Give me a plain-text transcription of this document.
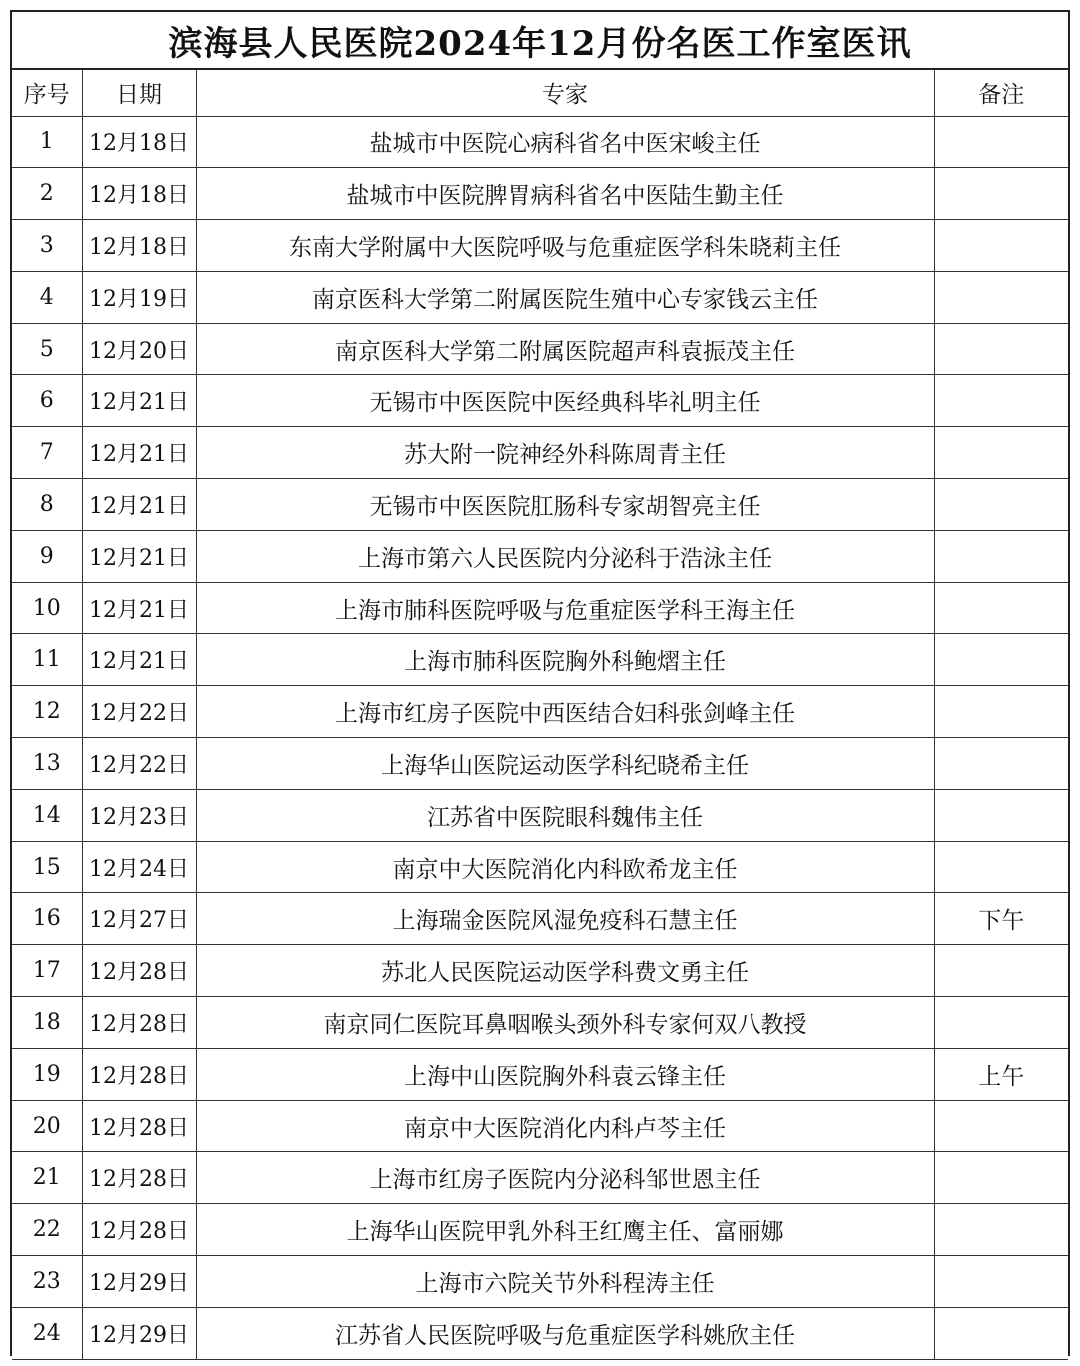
滨海县人民医院2024年12月份名医工作室医讯
序号	日期	专家	备注
1	12月18日	盐城市中医院心病科省名中医宋峻主任	
2	12月18日	盐城市中医院脾胃病科省名中医陆生勤主任	
3	12月18日	东南大学附属中大医院呼吸与危重症医学科朱晓莉主任	
4	12月19日	南京医科大学第二附属医院生殖中心专家钱云主任	
5	12月20日	南京医科大学第二附属医院超声科袁振茂主任	
6	12月21日	无锡市中医医院中医经典科毕礼明主任	
7	12月21日	苏大附一院神经外科陈周青主任	
8	12月21日	无锡市中医医院肛肠科专家胡智亮主任	
9	12月21日	上海市第六人民医院内分泌科于浩泳主任	
10	12月21日	上海市肺科医院呼吸与危重症医学科王海主任	
11	12月21日	上海市肺科医院胸外科鲍熠主任	
12	12月22日	上海市红房子医院中西医结合妇科张剑峰主任	
13	12月22日	上海华山医院运动医学科纪晓希主任	
14	12月23日	江苏省中医院眼科魏伟主任	
15	12月24日	南京中大医院消化内科欧希龙主任	
16	12月27日	上海瑞金医院风湿免疫科石慧主任	下午
17	12月28日	苏北人民医院运动医学科费文勇主任	
18	12月28日	南京同仁医院耳鼻咽喉头颈外科专家何双八教授	
19	12月28日	上海中山医院胸外科袁云锋主任	上午
20	12月28日	南京中大医院消化内科卢芩主任	
21	12月28日	上海市红房子医院内分泌科邹世恩主任	
22	12月28日	上海华山医院甲乳外科王红鹰主任、富丽娜	
23	12月29日	上海市六院关节外科程涛主任	
24	12月29日	江苏省人民医院呼吸与危重症医学科姚欣主任	
